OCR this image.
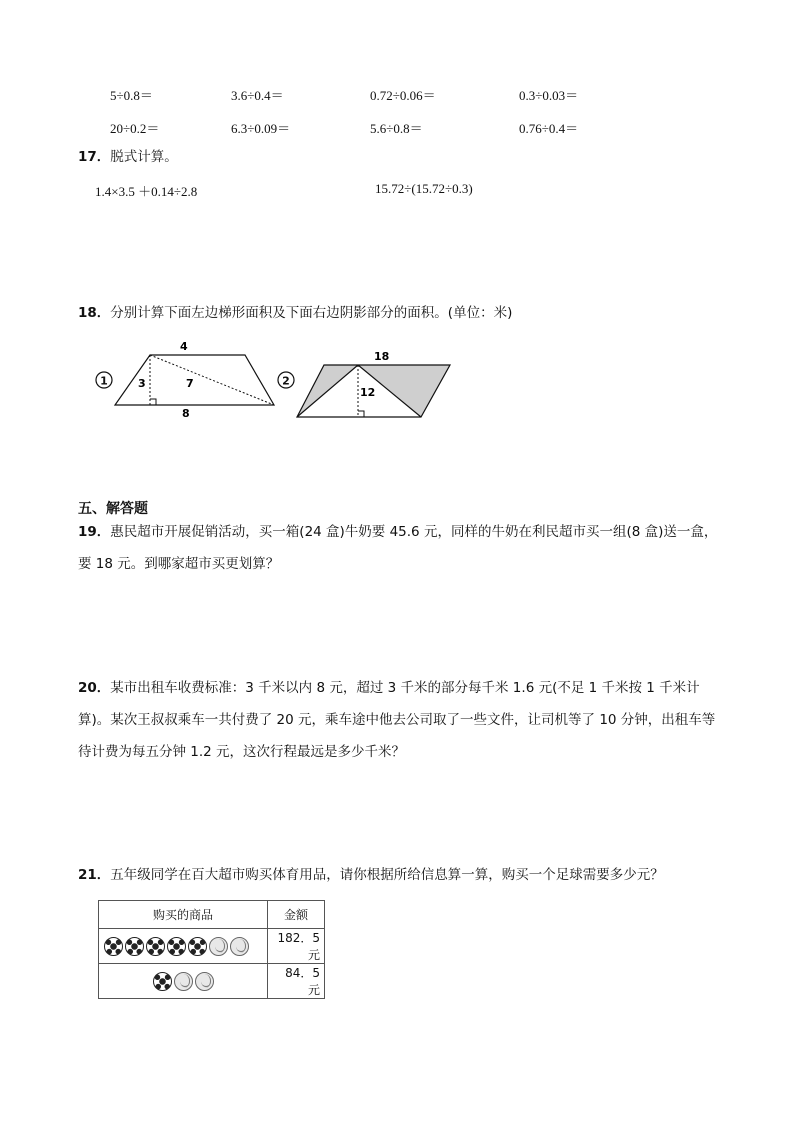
5÷0.8＝	3.6÷0.4＝	0.72÷0.06＝	0.3÷0.03＝
20÷0.2＝	6.3÷0.09＝	5.6÷0.8＝	0.76÷0.4＝
17．脱式计算。
1.4×3.5 ＋0.14÷2.8	15.72÷(15.72÷0.3)
18．分别计算下面左边梯形面积及下面右边阴影部分的面积。(单位：米)
1
4
3	7
8
2
18
12
五、解答题
19．惠民超市开展促销活动，买一箱(24 盒)牛奶要 45.6 元，同样的牛奶在利民超市买一组(8 盒)送一盒，要 18 元。到哪家超市买更划算？
20．某市出租车收费标准：3 千米以内 8 元，超过 3 千米的部分每千米 1.6 元(不足 1 千米按 1 千米计算)。某次王叔叔乘车一共付费了 20 元，乘车途中他去公司取了一些文件，让司机等了 10 分钟，出租车等待计费为每五分钟 1.2 元，这次行程最远是多少千米？
21．五年级同学在百大超市购买体育用品，请你根据所给信息算一算，购买一个足球需要多少元？
购买的商品	金额
	182．5 元
	84．5 元
